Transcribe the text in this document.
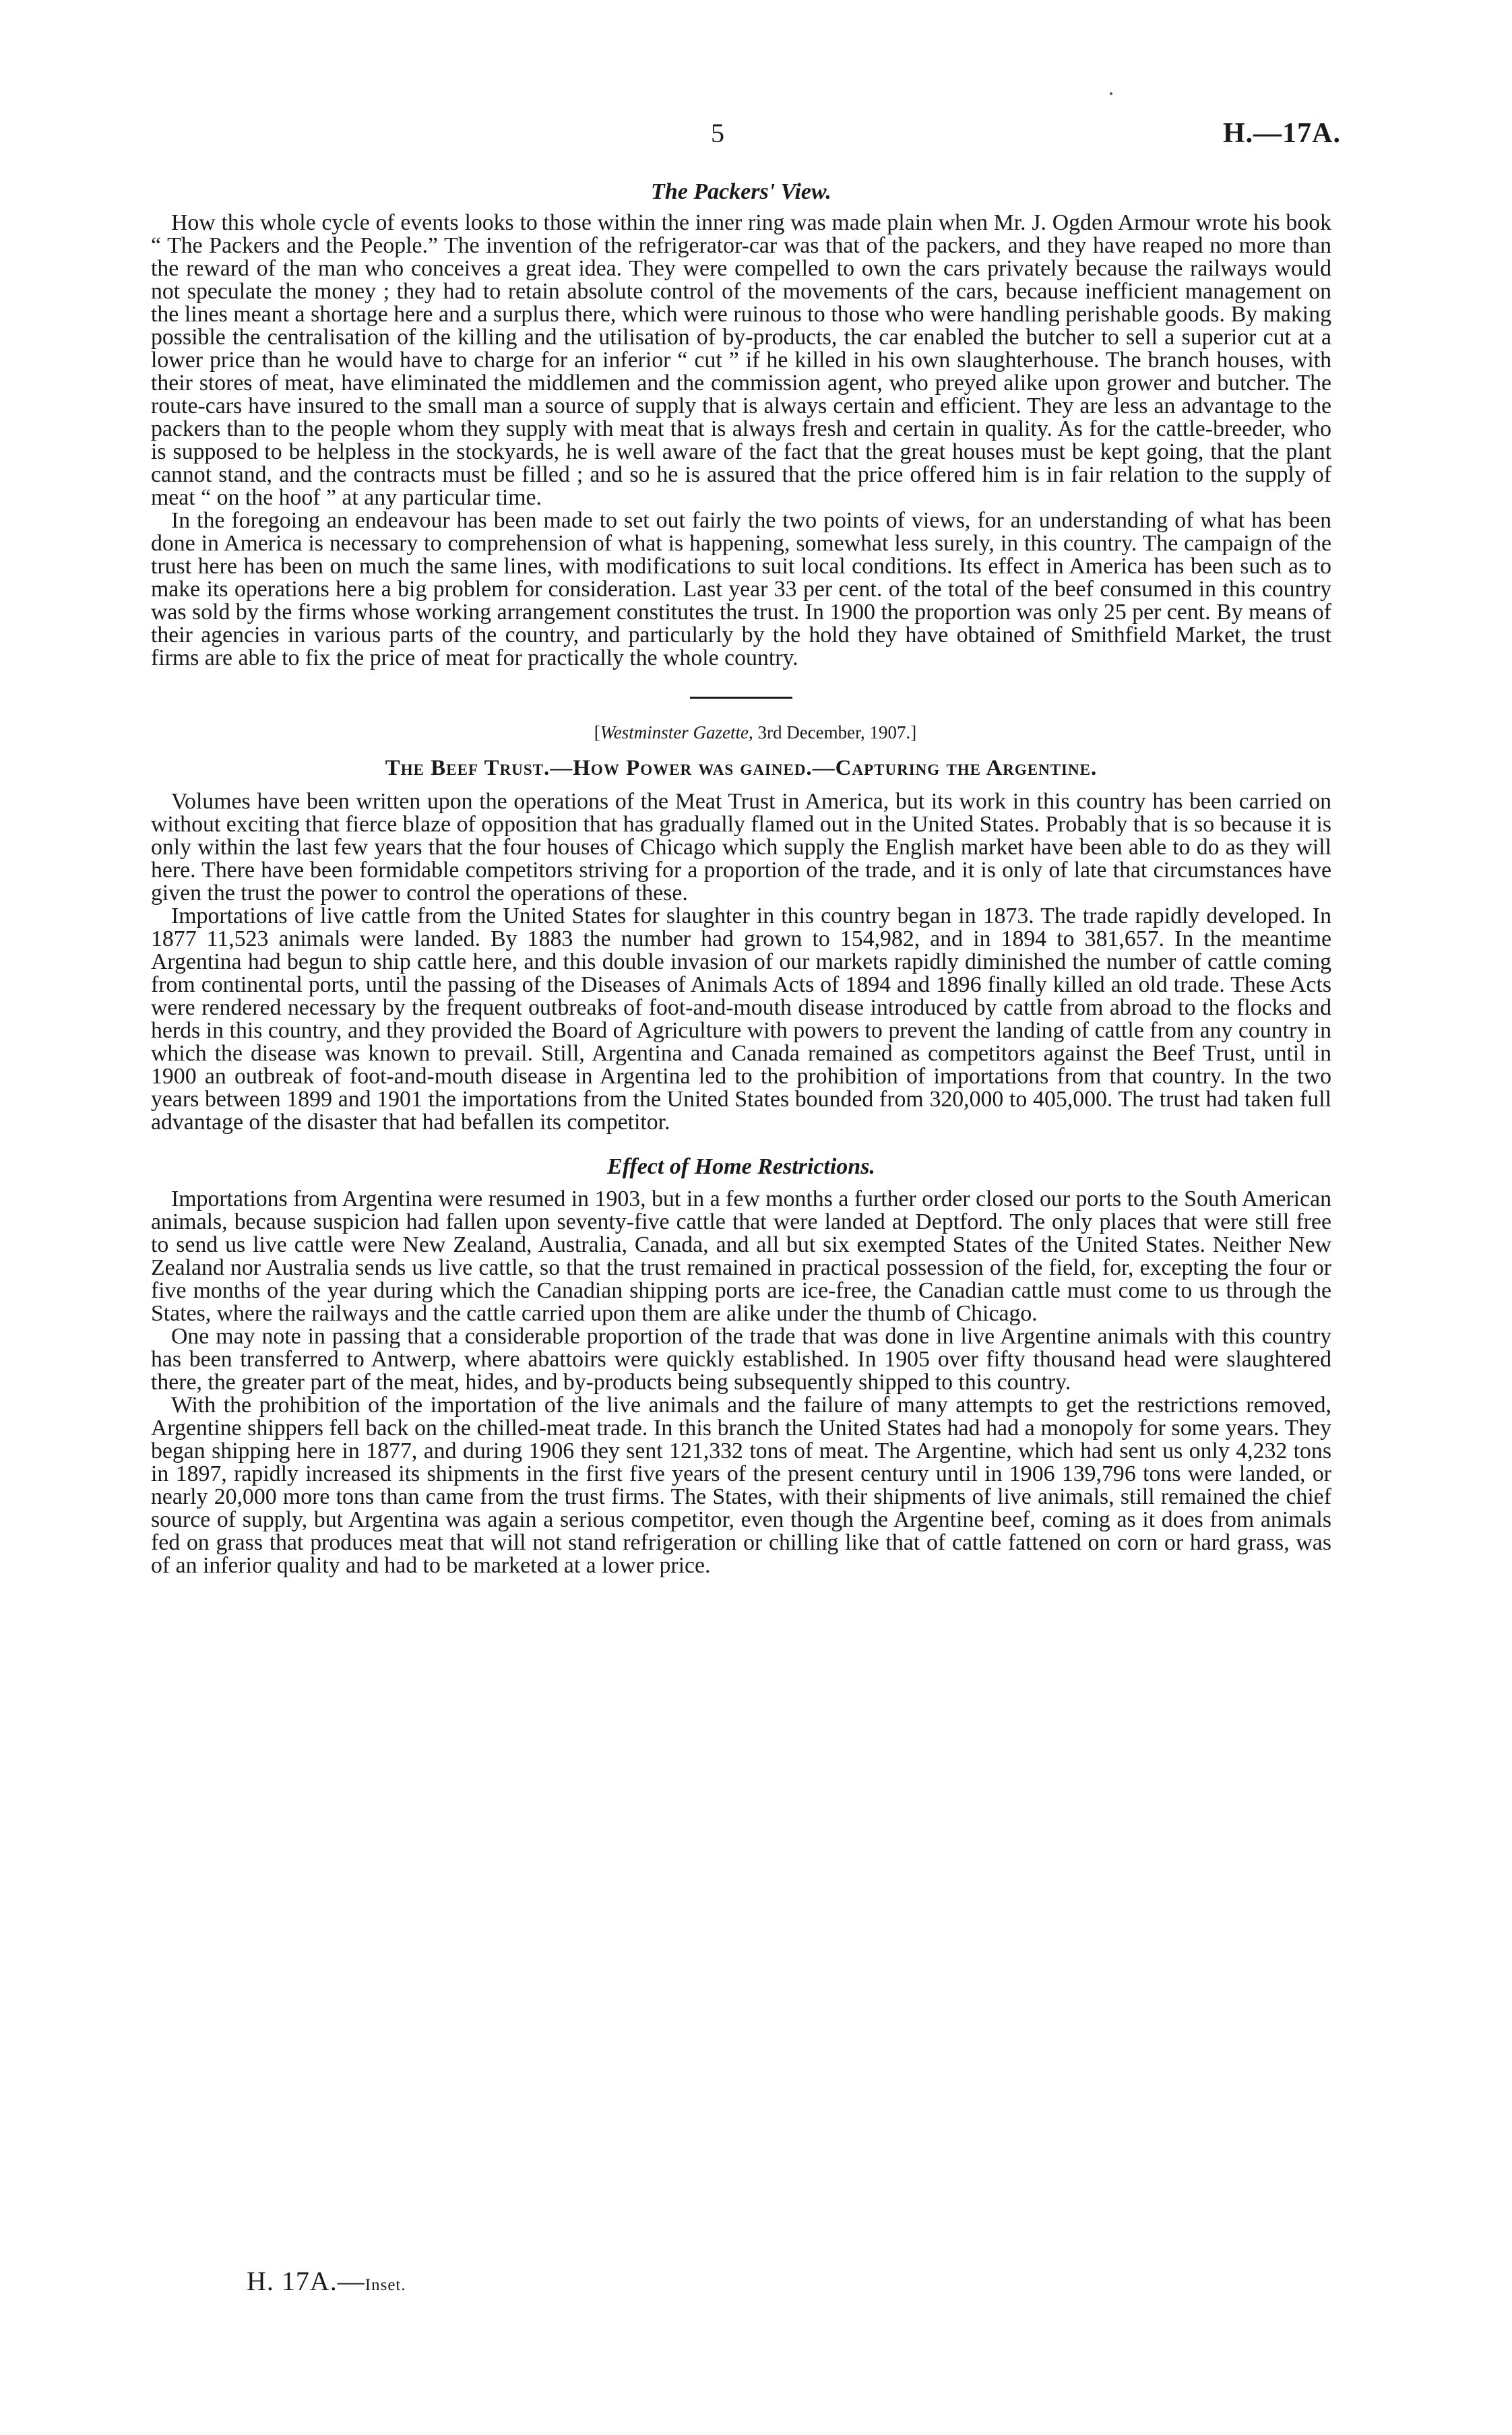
5	H.—17A.
The Packers' View.

How this whole cycle of events looks to those within the inner ring was made plain when Mr. J. Ogden Armour wrote his book “ The Packers and the People.” The invention of the refrigerator-car was that of the packers, and they have reaped no more than the reward of the man who conceives a great idea. They were compelled to own the cars privately because the railways would not speculate the money ; they had to retain absolute control of the movements of the cars, because inefficient management on the lines meant a shortage here and a surplus there, which were ruinous to those who were handling perishable goods. By making possible the centralisation of the killing and the utilisation of by-products, the car enabled the butcher to sell a superior cut at a lower price than he would have to charge for an inferior “ cut ” if he killed in his own slaughterhouse. The branch houses, with their stores of meat, have eliminated the middlemen and the commission agent, who preyed alike upon grower and butcher. The route-cars have insured to the small man a source of supply that is always certain and efficient. They are less an advantage to the packers than to the people whom they supply with meat that is always fresh and certain in quality. As for the cattle-breeder, who is supposed to be helpless in the stockyards, he is well aware of the fact that the great houses must be kept going, that the plant cannot stand, and the contracts must be filled ; and so he is assured that the price offered him is in fair relation to the supply of meat “ on the hoof ” at any particular time.

In the foregoing an endeavour has been made to set out fairly the two points of views, for an understanding of what has been done in America is necessary to comprehension of what is happening, somewhat less surely, in this country. The campaign of the trust here has been on much the same lines, with modifications to suit local conditions. Its effect in America has been such as to make its operations here a big problem for consideration. Last year 33 per cent. of the total of the beef consumed in this country was sold by the firms whose working arrangement constitutes the trust. In 1900 the proportion was only 25 per cent. By means of their agencies in various parts of the country, and particularly by the hold they have obtained of Smithfield Market, the trust firms are able to fix the price of meat for practically the whole country.

[Westminster Gazette, 3rd December, 1907.]
The Beef Trust.—How Power was gained.—Capturing the Argentine.

Volumes have been written upon the operations of the Meat Trust in America, but its work in this country has been carried on without exciting that fierce blaze of opposition that has gradually flamed out in the United States. Probably that is so because it is only within the last few years that the four houses of Chicago which supply the English market have been able to do as they will here. There have been formidable competitors striving for a proportion of the trade, and it is only of late that circumstances have given the trust the power to control the operations of these.

Importations of live cattle from the United States for slaughter in this country began in 1873. The trade rapidly developed. In 1877 11,523 animals were landed. By 1883 the number had grown to 154,982, and in 1894 to 381,657. In the meantime Argentina had begun to ship cattle here, and this double invasion of our markets rapidly diminished the number of cattle coming from continental ports, until the passing of the Diseases of Animals Acts of 1894 and 1896 finally killed an old trade. These Acts were rendered necessary by the frequent outbreaks of foot-and-mouth disease introduced by cattle from abroad to the flocks and herds in this country, and they provided the Board of Agriculture with powers to prevent the landing of cattle from any country in which the disease was known to prevail. Still, Argentina and Canada remained as competitors against the Beef Trust, until in 1900 an outbreak of foot-and-mouth disease in Argentina led to the prohibition of importations from that country. In the two years between 1899 and 1901 the importations from the United States bounded from 320,000 to 405,000. The trust had taken full advantage of the disaster that had befallen its competitor.

Effect of Home Restrictions.

Importations from Argentina were resumed in 1903, but in a few months a further order closed our ports to the South American animals, because suspicion had fallen upon seventy-five cattle that were landed at Deptford. The only places that were still free to send us live cattle were New Zealand, Australia, Canada, and all but six exempted States of the United States. Neither New Zealand nor Australia sends us live cattle, so that the trust remained in practical possession of the field, for, excepting the four or five months of the year during which the Canadian shipping ports are ice-free, the Canadian cattle must come to us through the States, where the railways and the cattle carried upon them are alike under the thumb of Chicago.

One may note in passing that a considerable proportion of the trade that was done in live Argentine animals with this country has been transferred to Antwerp, where abattoirs were quickly established. In 1905 over fifty thousand head were slaughtered there, the greater part of the meat, hides, and by-products being subsequently shipped to this country.

With the prohibition of the importation of the live animals and the failure of many attempts to get the restrictions removed, Argentine shippers fell back on the chilled-meat trade. In this branch the United States had had a monopoly for some years. They began shipping here in 1877, and during 1906 they sent 121,332 tons of meat. The Argentine, which had sent us only 4,232 tons in 1897, rapidly increased its shipments in the first five years of the present century until in 1906 139,796 tons were landed, or nearly 20,000 more tons than came from the trust firms. The States, with their shipments of live animals, still remained the chief source of supply, but Argentina was again a serious competitor, even though the Argentine beef, coming as it does from animals fed on grass that produces meat that will not stand refrigeration or chilling like that of cattle fattened on corn or hard grass, was of an inferior quality and had to be marketed at a lower price.

H. 17A.—Inset.
